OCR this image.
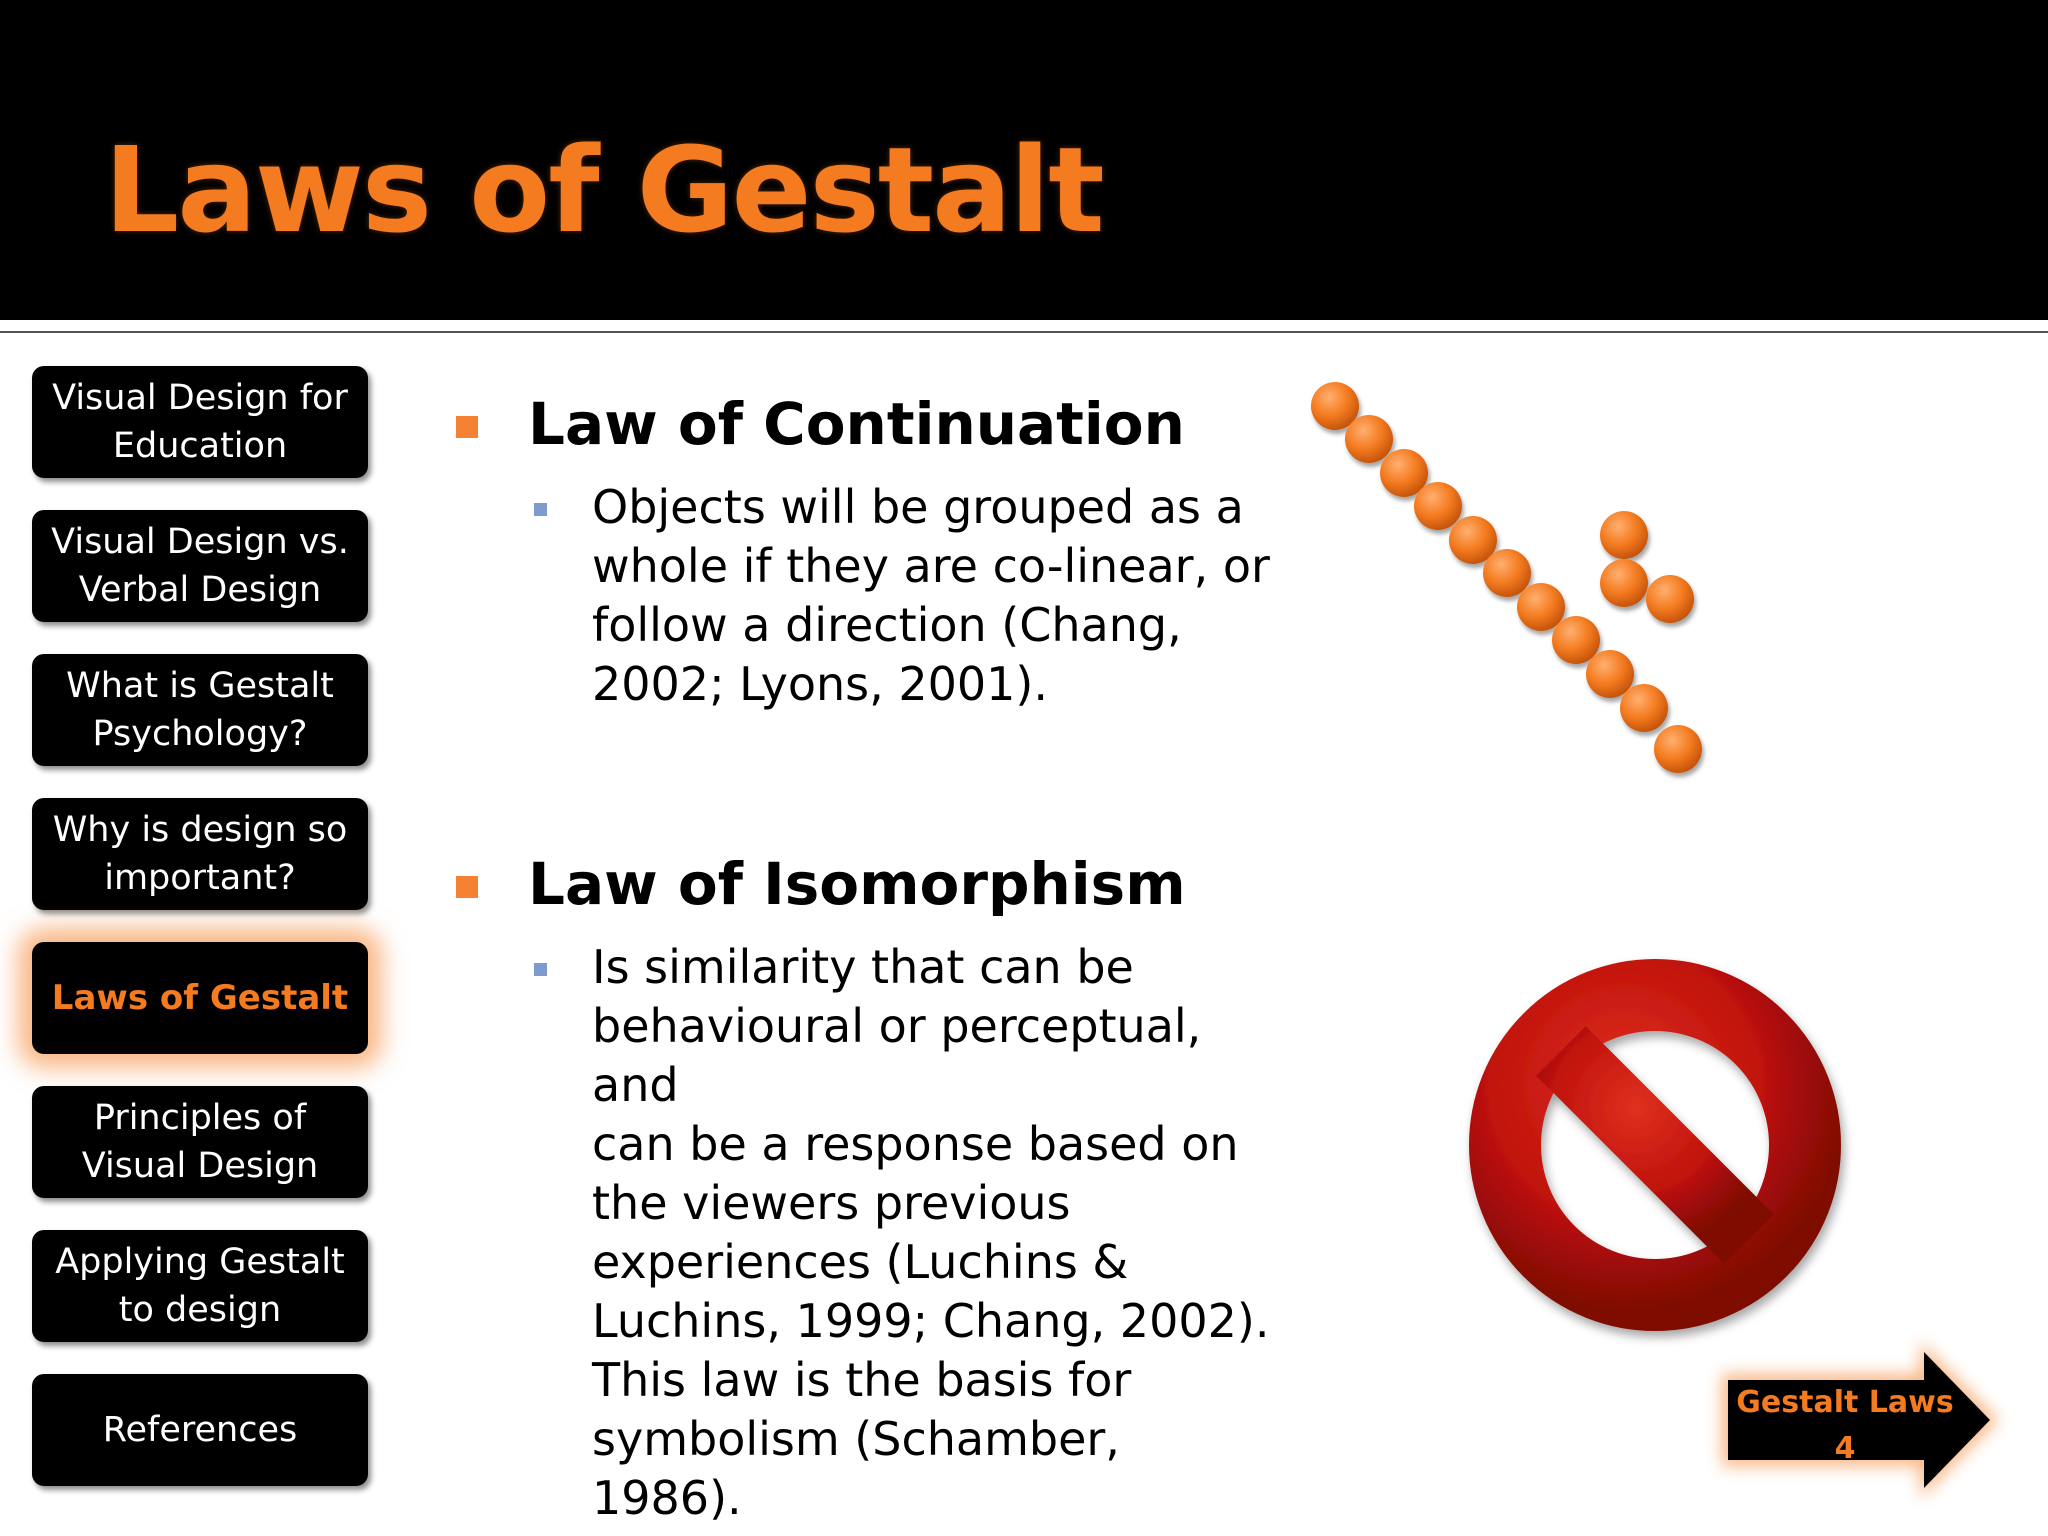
Laws of Gestalt
Visual Design for
Education
Visual Design vs.
Verbal Design
What is Gestalt
Psychology?
Why is design so
important?
Laws of Gestalt
Principles of
Visual Design
Applying Gestalt
to design
References
Law of Continuation

Objects will be grouped as a
whole if they are co-linear, or
follow a direction (Chang,
2002; Lyons, 2001).

Law of Isomorphism

Is similarity that can be
behavioural or perceptual, and
can be a response based on
the viewers previous
experiences (Luchins &
Luchins, 1999; Chang, 2002).
This law is the basis for
symbolism (Schamber, 1986).

Gestalt Laws
4
